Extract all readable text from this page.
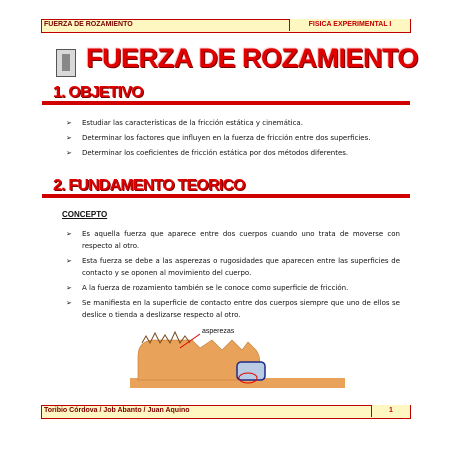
FUERZA DE ROZAMIENTO	FISICA EXPERIMENTAL I
FUERZA DE ROZAMIENTO
1. OBJETIVO
➢ Estudiar las características de la fricción estática y cinemática.
➢ Determinar los factores que influyen en la fuerza de fricción entre dos superficies.
➢ Determinar los coeficientes de fricción estática por dos métodos diferentes.
2. FUNDAMENTO TEORICO
CONCEPTO
➢ Es aquella fuerza que aparece entre dos cuerpos cuando uno trata de moverse con respecto al otro.
➢ Esta fuerza se debe a las asperezas o rugosidades que aparecen entre las superficies de contacto y se oponen al movimiento del cuerpo.
➢ A la fuerza de rozamiento también se le conoce como superficie de fricción.
➢ Se manifiesta en la superficie de contacto entre dos cuerpos siempre que uno de ellos se deslice o tienda a deslizarse respecto al otro.
asperezas
Toribio Córdova / Job Abanto / Juan Aquino	1
